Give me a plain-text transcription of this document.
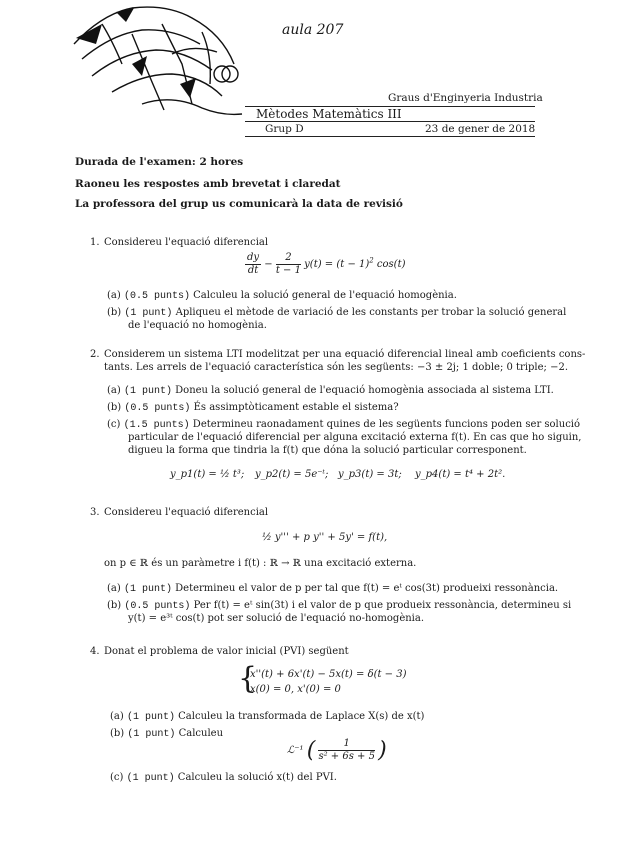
aula 207
Graus d'Enginyeria Industria
Mètodes Matemàtics III
Grup D	23 de gener de 2018
Durada de l'examen: 2 hores
Raoneu les respostes amb brevetat i claredat
La professora del grup us comunicarà la data de revisió
1. Considereu l'equació diferencial
$\frac{dy}{dt} - \frac{2}{t - 1} y(t) = (t - 1)^2$ cos(t)
(a) (0.5 punts) Calculeu la solució general de l'equació homogènia.
(b) (1 punt) Apliqueu el mètode de variació de les constants per trobar la solució general
de l'equació no homogènia.
2. Considerem un sistema LTI modelitzat per una equació diferencial lineal amb coeficients cons-
tants. Les arrels de l'equació característica són les següents: −3 ± 2j; 1 doble; 0 triple; −2.
(a) (1 punt) Doneu la solució general de l'equació homogènia associada al sistema LTI.
(b) (0.5 punts) És assimptòticament estable el sistema?
(c) (1.5 punts) Determineu raonadament quines de les següents funcions poden ser solució
particular de l'equació diferencial per alguna excitació externa f(t). En cas que ho siguin,
digueu la forma que tindria la f(t) que dóna la solució particular corresponent.
y_p1(t) = ½ t³; y_p2(t) = 5e⁻ᵗ; y_p3(t) = 3t; y_p4(t) = t⁴ + 2t².
3. Considereu l'equació diferencial
½ y''' + p y'' + 5y' = f(t),
on p ∈ ℝ és un paràmetre i f(t) : ℝ → ℝ una excitació externa.
(a) (1 punt) Determineu el valor de p per tal que f(t) = eᵗ cos(3t) produeixi ressonància.
(b) (0.5 punts) Per f(t) = eᵗ sin(3t) i el valor de p que produeix ressonància, determineu si
y(t) = e³ᵗ cos(t) pot ser solució de l'equació no-homogènia.
4. Donat el problema de valor inicial (PVI) següent
{
x''(t) + 6x'(t) − 5x(t) = δ(t − 3)
x(0) = 0, x'(0) = 0
(a) (1 punt) Calculeu la transformada de Laplace X(s) de x(t)
(b) (1 punt) Calculeu
ℒ⁻¹ ( $\frac{1}{\text{s² + 6s + 5}}$ )
(c) (1 punt) Calculeu la solució x(t) del PVI.
